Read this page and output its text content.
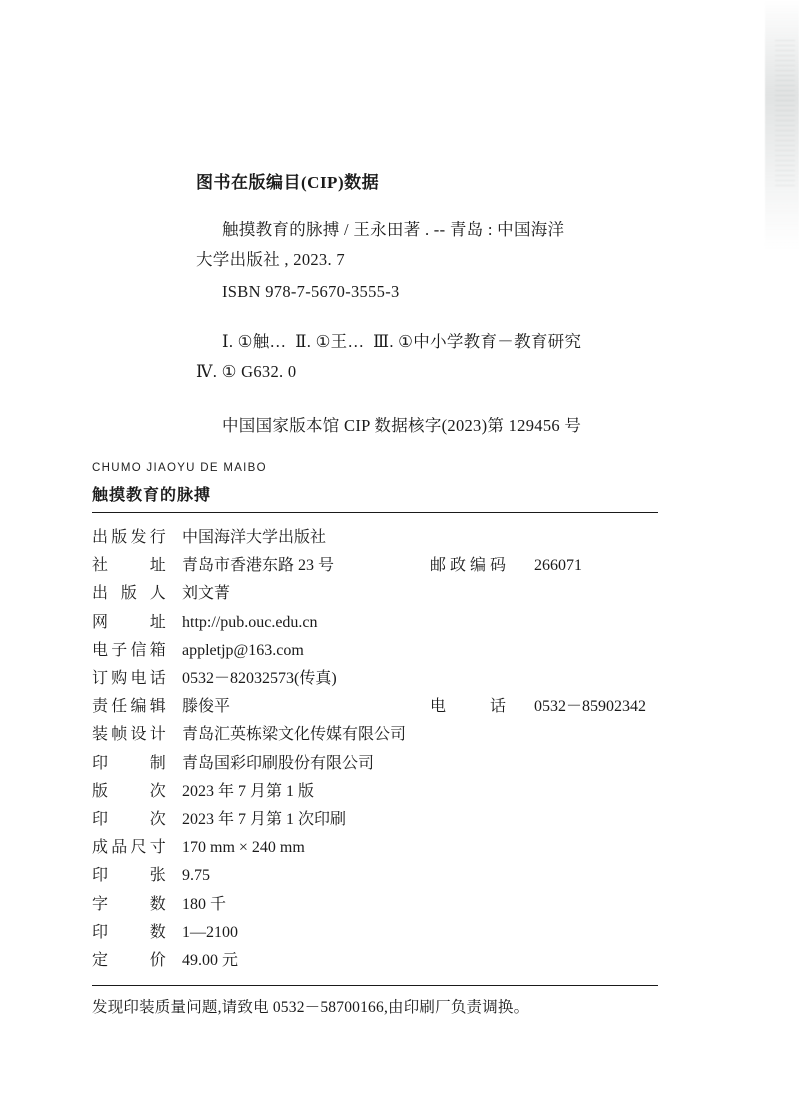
图书在版编目(CIP)数据
触摸教育的脉搏 / 王永田著 . -- 青岛 : 中国海洋
大学出版社 , 2023. 7
ISBN 978-7-5670-3555-3
Ⅰ. ①触…  Ⅱ. ①王…  Ⅲ. ①中小学教育－教育研究
Ⅳ. ① G632. 0
中国国家版本馆 CIP 数据核字(2023)第 129456 号
CHUMO JIAOYU DE MAIBO
触摸教育的脉搏
出版发行	中国海洋大学出版社		
社　址	青岛市香港东路 23 号	邮政编码	266071
出 版 人	刘文菁		
网　址	http://pub.ouc.edu.cn		
电子信箱	appletjp@163.com		
订购电话	0532－82032573(传真)		
责任编辑	滕俊平	电　话	0532－85902342
装帧设计	青岛汇英栋梁文化传媒有限公司		
印　制	青岛国彩印刷股份有限公司		
版　次	2023 年 7 月第 1 版		
印　次	2023 年 7 月第 1 次印刷		
成品尺寸	170 mm × 240 mm		
印　张	9.75		
字　数	180 千		
印　数	1—2100		
定　价	49.00 元		
发现印装质量问题,请致电 0532－58700166,由印刷厂负责调换。
